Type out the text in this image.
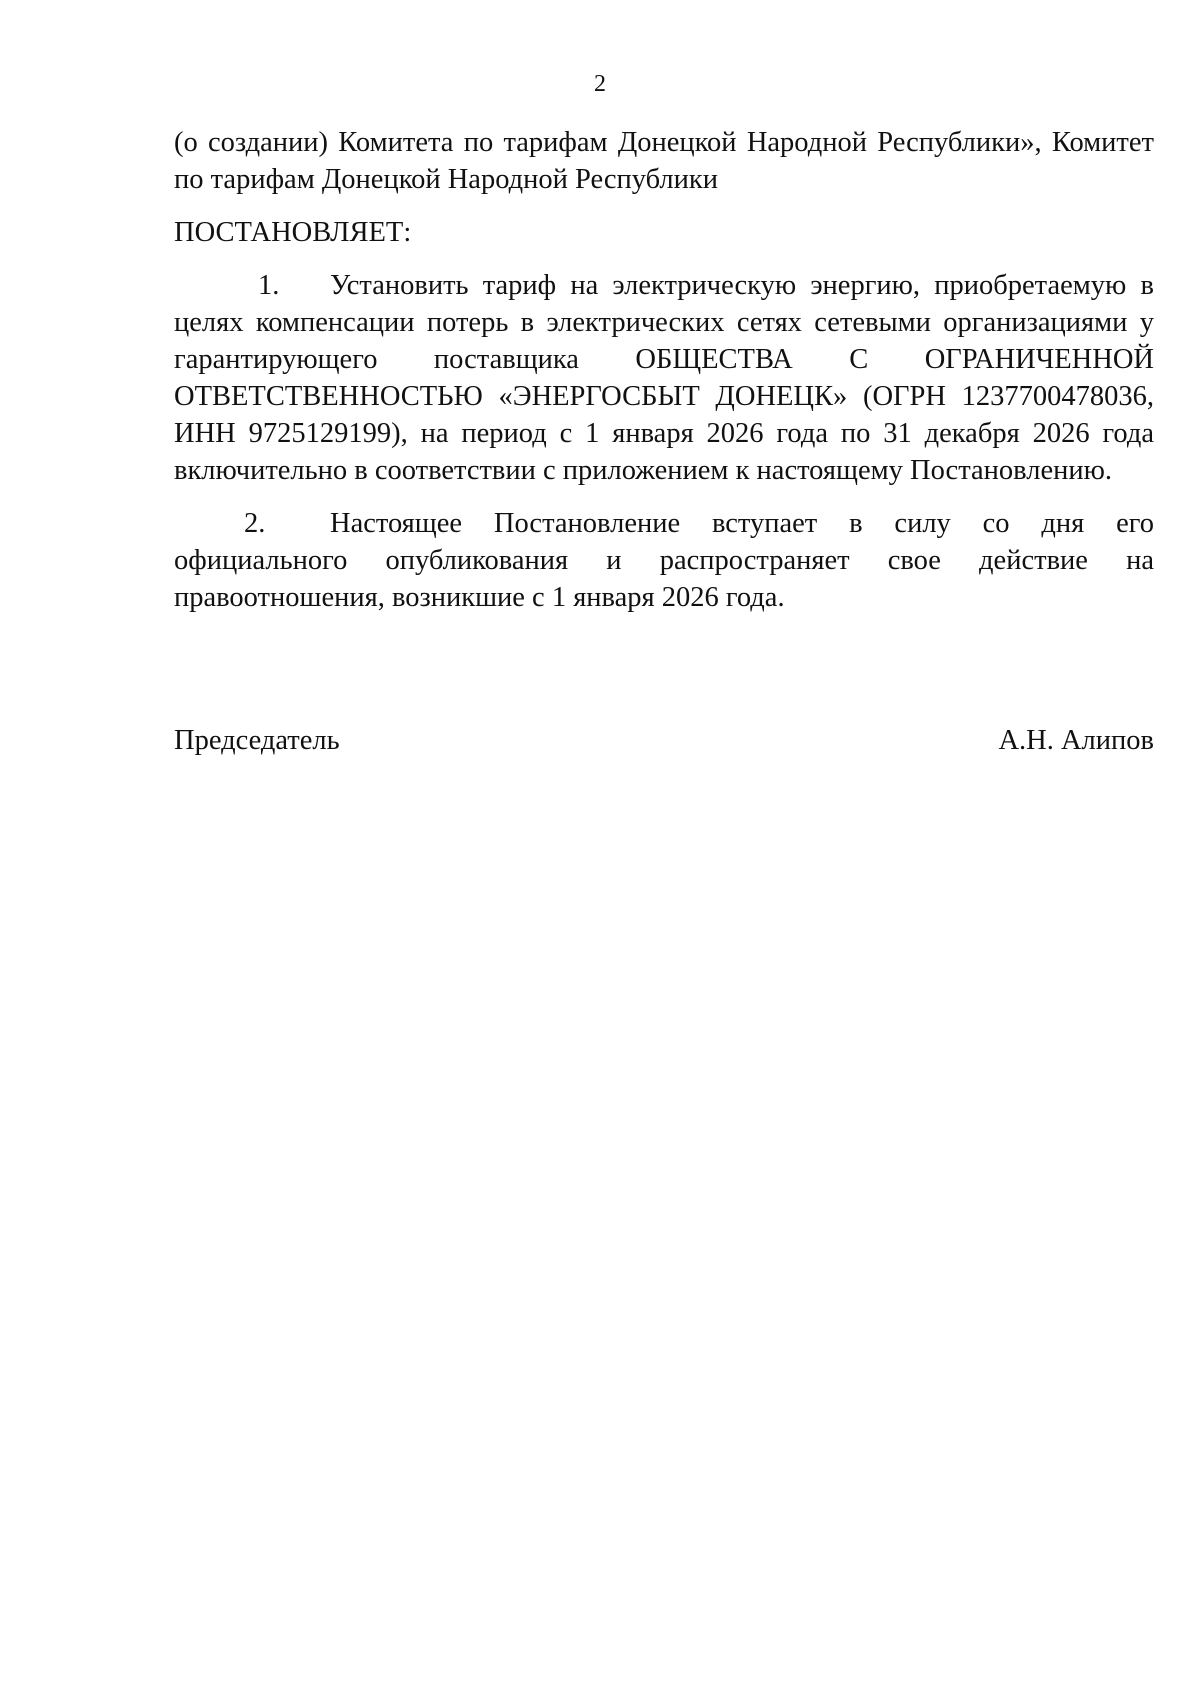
2

(о создании) Комитета по тарифам Донецкой Народной Республики», Комитет по тарифам Донецкой Народной Республики

ПОСТАНОВЛЯЕТ:

1. Установить тариф на электрическую энергию, приобретаемую в целях компенсации потерь в электрических сетях сетевыми организациями у гарантирующего поставщика ОБЩЕСТВА С ОГРАНИЧЕННОЙ ОТВЕТСТВЕННОСТЬЮ «ЭНЕРГОСБЫТ ДОНЕЦК» (ОГРН 1237700478036, ИНН 9725129199), на период с 1 января 2026 года по 31 декабря 2026 года включительно в соответствии с приложением к настоящему Постановлению.

2. Настоящее Постановление вступает в силу со дня его официального опубликования и распространяет свое действие на правоотношения, возникшие с 1 января 2026 года.

Председатель	А.Н. Алипов
